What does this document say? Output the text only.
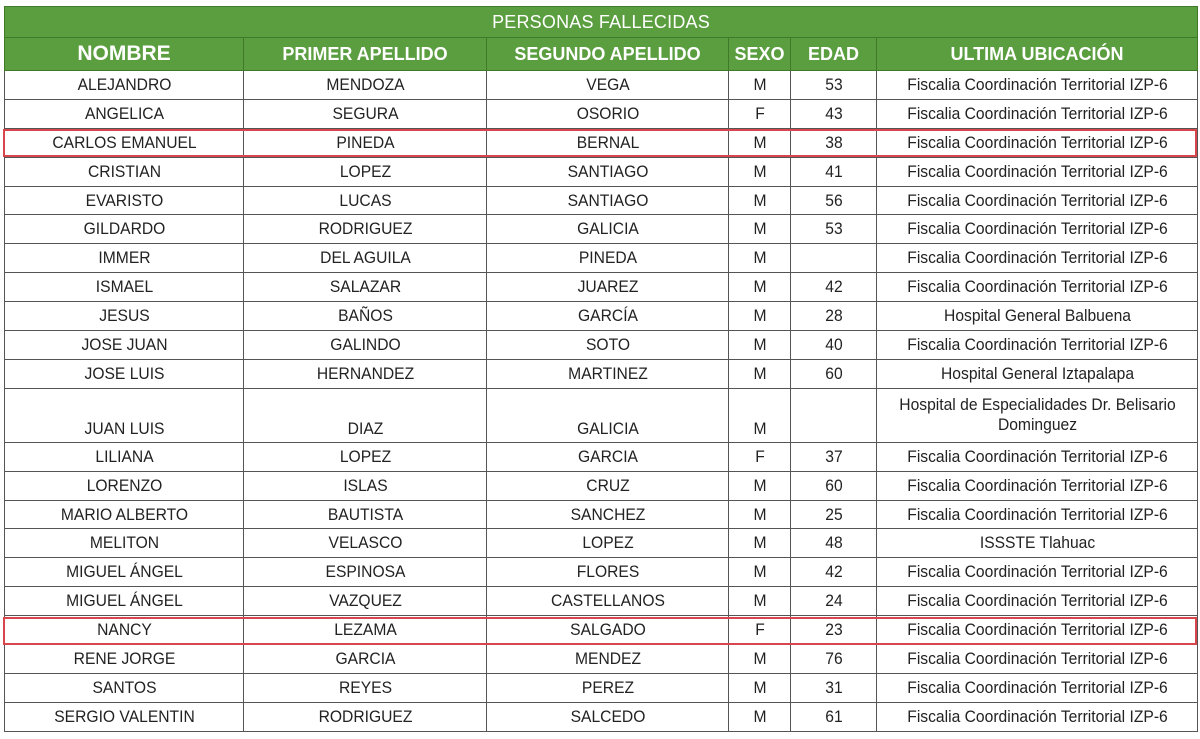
PERSONAS FALLECIDAS					
NOMBRE	PRIMER APELLIDO	SEGUNDO APELLIDO	SEXO	EDAD	ULTIMA UBICACIÓN
ALEJANDRO	MENDOZA	VEGA	M	53	Fiscalia Coordinación Territorial IZP-6
ANGELICA	SEGURA	OSORIO	F	43	Fiscalia Coordinación Territorial IZP-6
CARLOS EMANUEL	PINEDA	BERNAL	M	38	Fiscalia Coordinación Territorial IZP-6
CRISTIAN	LOPEZ	SANTIAGO	M	41	Fiscalia Coordinación Territorial IZP-6
EVARISTO	LUCAS	SANTIAGO	M	56	Fiscalia Coordinación Territorial IZP-6
GILDARDO	RODRIGUEZ	GALICIA	M	53	Fiscalia Coordinación Territorial IZP-6
IMMER	DEL AGUILA	PINEDA	M		Fiscalia Coordinación Territorial IZP-6
ISMAEL	SALAZAR	JUAREZ	M	42	Fiscalia Coordinación Territorial IZP-6
JESUS	BAÑOS	GARCÍA	M	28	Hospital General Balbuena
JOSE JUAN	GALINDO	SOTO	M	40	Fiscalia Coordinación Territorial IZP-6
JOSE LUIS	HERNANDEZ	MARTINEZ	M	60	Hospital General Iztapalapa
JUAN LUIS	DIAZ	GALICIA	M		Hospital de Especialidades Dr. Belisario Dominguez
LILIANA	LOPEZ	GARCIA	F	37	Fiscalia Coordinación Territorial IZP-6
LORENZO	ISLAS	CRUZ	M	60	Fiscalia Coordinación Territorial IZP-6
MARIO ALBERTO	BAUTISTA	SANCHEZ	M	25	Fiscalia Coordinación Territorial IZP-6
MELITON	VELASCO	LOPEZ	M	48	ISSSTE Tlahuac
MIGUEL ÁNGEL	ESPINOSA	FLORES	M	42	Fiscalia Coordinación Territorial IZP-6
MIGUEL ÁNGEL	VAZQUEZ	CASTELLANOS	M	24	Fiscalia Coordinación Territorial IZP-6
NANCY	LEZAMA	SALGADO	F	23	Fiscalia Coordinación Territorial IZP-6
RENE JORGE	GARCIA	MENDEZ	M	76	Fiscalia Coordinación Territorial IZP-6
SANTOS	REYES	PEREZ	M	31	Fiscalia Coordinación Territorial IZP-6
SERGIO VALENTIN	RODRIGUEZ	SALCEDO	M	61	Fiscalia Coordinación Territorial IZP-6
